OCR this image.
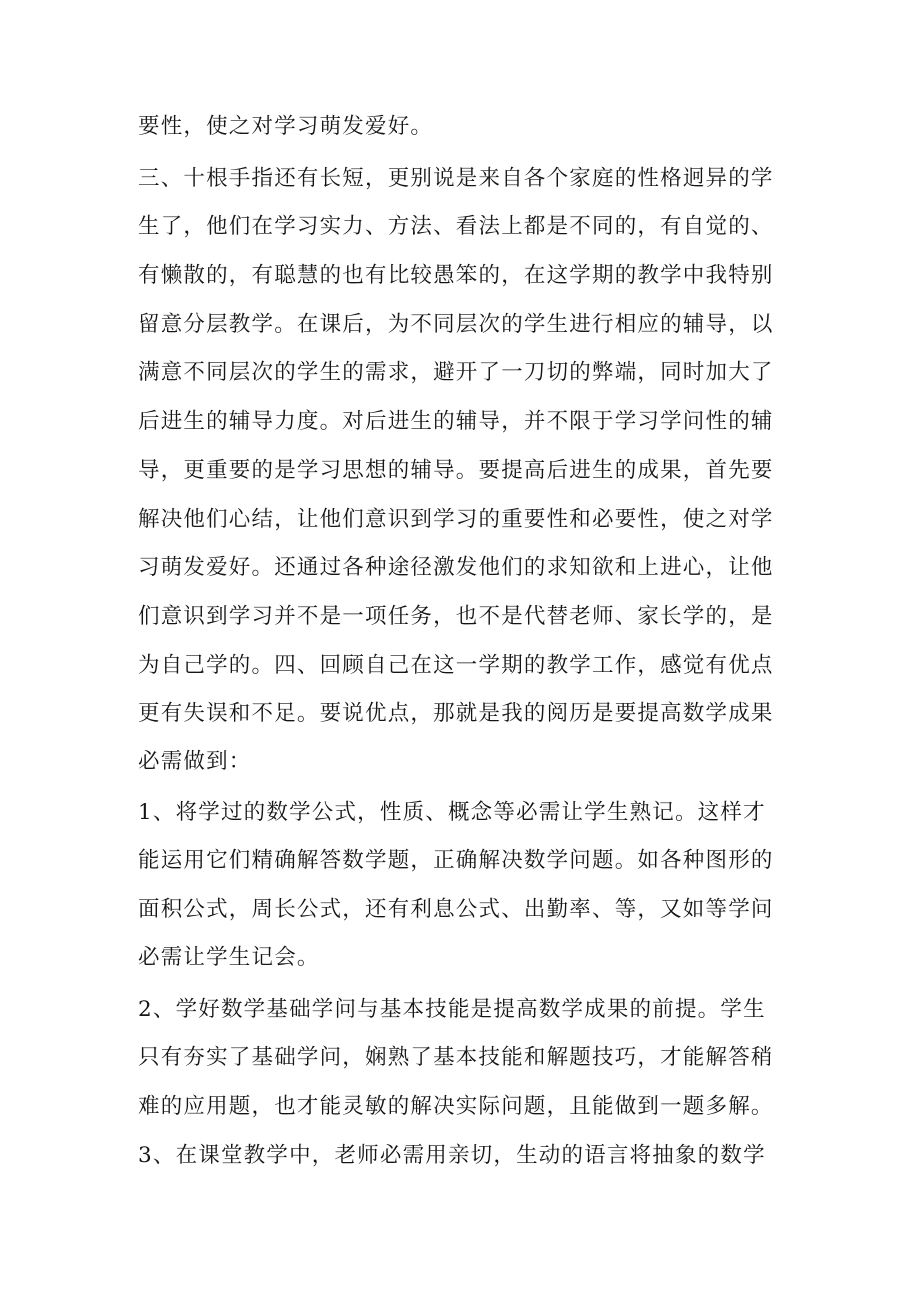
要性，使之对学习萌发爱好。
三、十根手指还有长短，更别说是来自各个家庭的性格迥异的学
生了，他们在学习实力、方法、看法上都是不同的，有自觉的、
有懒散的，有聪慧的也有比较愚笨的，在这学期的教学中我特别
留意分层教学。在课后，为不同层次的学生进行相应的辅导，以
满意不同层次的学生的需求，避开了一刀切的弊端，同时加大了
后进生的辅导力度。对后进生的辅导，并不限于学习学问性的辅
导，更重要的是学习思想的辅导。要提高后进生的成果，首先要
解决他们心结，让他们意识到学习的重要性和必要性，使之对学
习萌发爱好。还通过各种途径激发他们的求知欲和上进心，让他
们意识到学习并不是一项任务，也不是代替老师、家长学的，是
为自己学的。四、回顾自己在这一学期的教学工作，感觉有优点
更有失误和不足。要说优点，那就是我的阅历是要提高数学成果
必需做到：
1、将学过的数学公式，性质、概念等必需让学生熟记。这样才
能运用它们精确解答数学题，正确解决数学问题。如各种图形的
面积公式，周长公式，还有利息公式、出勤率、等，又如等学问
必需让学生记会。
2、学好数学基础学问与基本技能是提高数学成果的前提。学生
只有夯实了基础学问，娴熟了基本技能和解题技巧，才能解答稍
难的应用题，也才能灵敏的解决实际问题，且能做到一题多解。
3、在课堂教学中，老师必需用亲切，生动的语言将抽象的数学
